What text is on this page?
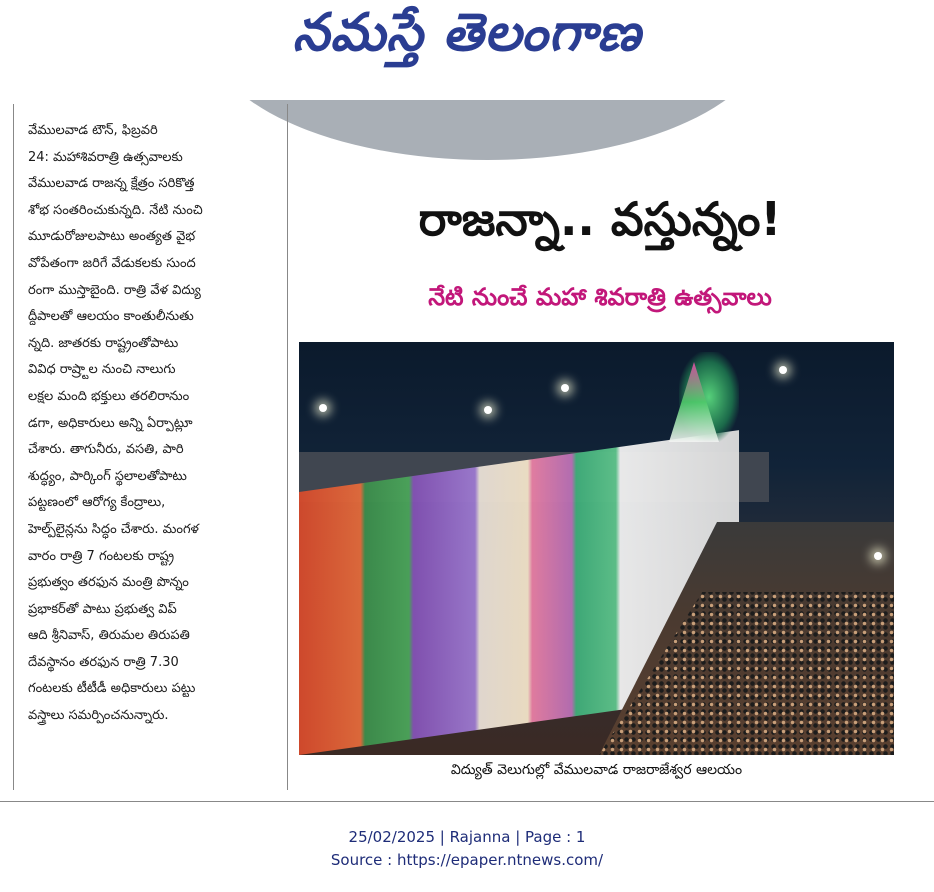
నమస్తే తెలంగాణ
వేములవాడ టౌన్, ఫిబ్రవరి
24: మహాశివరాత్రి ఉత్సవాలకు
వేములవాడ రాజన్న క్షేత్రం సరికొత్త
శోభ సంతరించుకున్నది. నేటి నుంచి
మూడురోజులపాటు అంత్యత వైభ
వోపేతంగా జరిగే వేడుకలకు సుంద
రంగా ముస్తాబైంది. రాత్రి వేళ విద్యు
ద్దీపాలతో ఆలయం కాంతులీనుతు
న్నది. జాతరకు రాష్ట్రంతోపాటు
వివిధ రాష్ర్టాల నుంచి నాలుగు
లక్షల మంది భక్తులు తరలిరానుం
డగా, అధికారులు అన్ని ఏర్పాట్లూ
చేశారు. తాగునీరు, వసతి, పారి
శుద్ధ్యం, పార్కింగ్ స్థలాలతోపాటు
పట్టణంలో ఆరోగ్య కేంద్రాలు,
హెల్ప్‌లైన్లను సిద్ధం చేశారు. మంగళ
వారం రాత్రి 7 గంటలకు రాష్ట్ర
ప్రభుత్వం తరఫున మంత్రి పొన్నం
ప్రభాకర్‌తో పాటు ప్రభుత్వ విప్
ఆది శ్రీనివాస్, తిరుమల తిరుపతి
దేవస్థానం తరఫున రాత్రి 7.30
గంటలకు టీటీడీ అధికారులు పట్టు
వస్త్రాలు సమర్పించనున్నారు.
రాజన్నా.. వస్తున్నం!
నేటి నుంచే మహా శివరాత్రి ఉత్సవాలు
విద్యుత్ వెలుగుల్లో వేములవాడ రాజరాజేశ్వర ఆలయం
25/02/2025 | Rajanna | Page : 1
Source : https://epaper.ntnews.com/
